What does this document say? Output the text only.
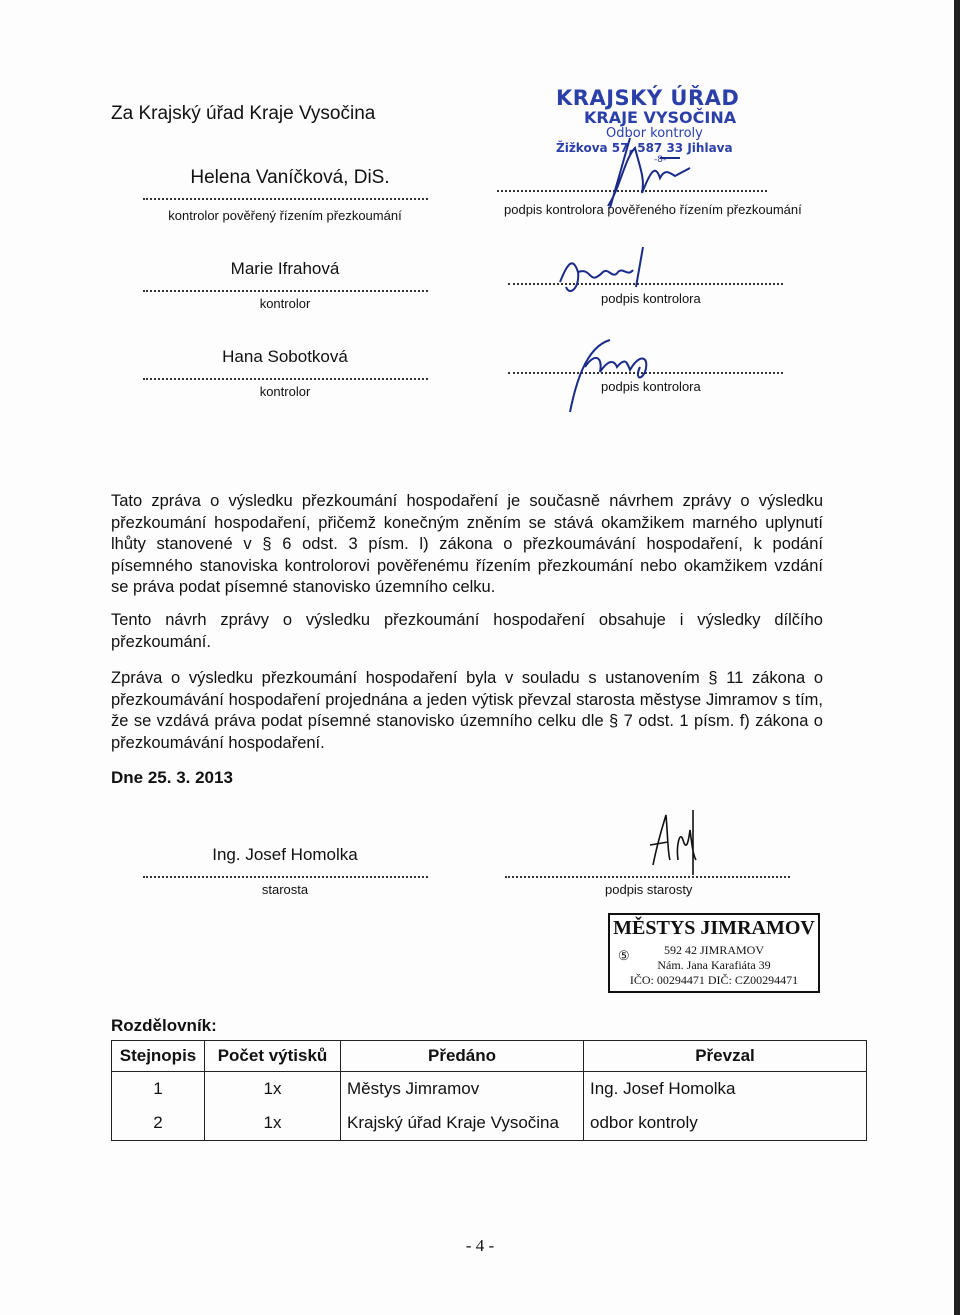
Za Krajský úřad Kraje Vysočina
KRAJSKÝ ÚŘAD
KRAJE VYSOČINA
Odbor kontroly
Žižkova 57, 587 33 Jihlava
-8-
Helena Vaníčková, DiS.
kontrolor pověřený řízením přezkoumání	podpis kontrolora pověřeného řízením přezkoumání
Marie Ifrahová
kontrolor	podpis kontrolora
Hana Sobotková
kontrolor	podpis kontrolora
Tato zpráva o výsledku přezkoumání hospodaření je současně návrhem zprávy o výsledku přezkoumání hospodaření, přičemž konečným zněním se stává okamžikem marného uplynutí lhůty stanovené v § 6 odst. 3 písm. l) zákona o přezkoumávání hospodaření, k podání písemného stanoviska kontrolorovi pověřenému řízením přezkoumání nebo okamžikem vzdání se práva podat písemné stanovisko územního celku.
Tento návrh zprávy o výsledku přezkoumání hospodaření obsahuje i výsledky dílčího přezkoumání.
Zpráva o výsledku přezkoumání hospodaření byla v souladu s ustanovením § 11 zákona o přezkoumávání hospodaření projednána a jeden výtisk převzal starosta městyse Jimramov s tím, že se vzdává práva podat písemné stanovisko územního celku dle § 7 odst. 1 písm. f) zákona o přezkoumávání hospodaření.
Dne 25. 3. 2013
Ing. Josef Homolka
starosta	podpis starosty
MĚSTYS JIMRAMOV
⑤	592 42 JIMRAMOV
Nám. Jana Karafiáta 39
IČO: 00294471 DIČ: CZ00294471
Rozdělovník:
Stejnopis	Počet výtisků	Předáno	Převzal
1	1x	Městys Jimramov	Ing. Josef Homolka
2	1x	Krajský úřad Kraje Vysočina	odbor kontroly
- 4 -
